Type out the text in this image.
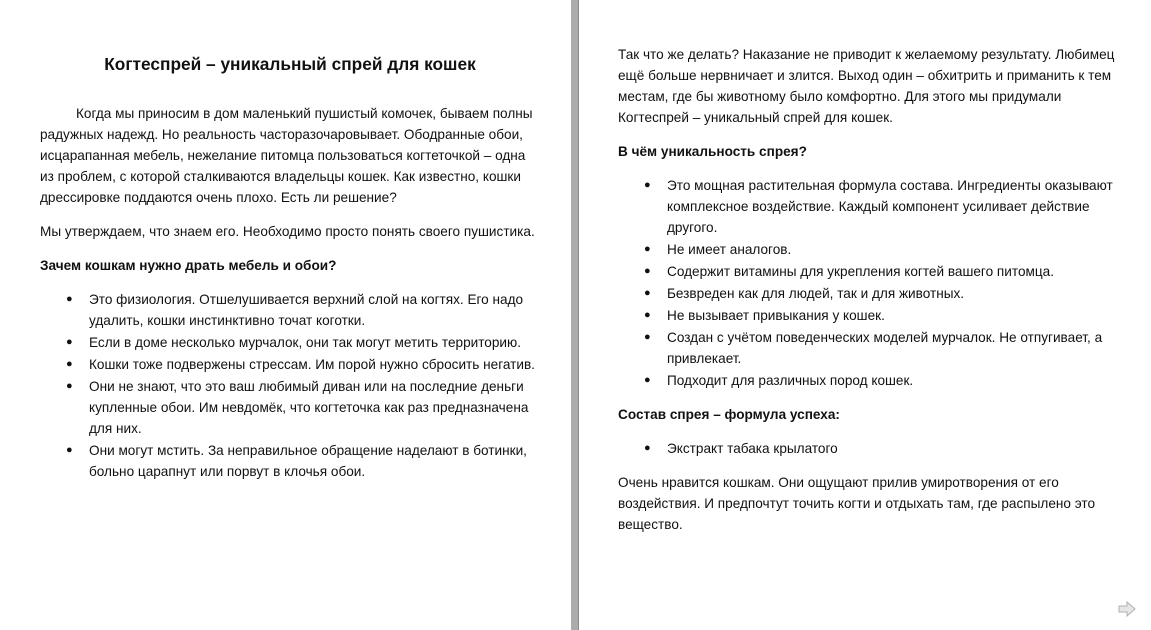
Когтеспрей – уникальный спрей для кошек

Когда мы приносим в дом маленький пушистый комочек, бываем полны радужных надежд. Но реальность часторазочаровывает. Ободранные обои, исцарапанная мебель, нежелание питомца пользоваться когтеточкой – одна из проблем, с которой сталкиваются владельцы кошек. Как известно, кошки дрессировке поддаются очень плохо. Есть ли решение?

Мы утверждаем, что знаем его. Необходимо просто понять своего пушистика.

Зачем кошкам нужно драть мебель и обои?

● Это физиология. Отшелушивается верхний слой на когтях. Его надо удалить, кошки инстинктивно точат коготки.
● Если в доме несколько мурчалок, они так могут метить территорию.
● Кошки тоже подвержены стрессам. Им порой нужно сбросить негатив.
● Они не знают, что это ваш любимый диван или на последние деньги купленные обои. Им невдомёк, что когтеточка как раз предназначена для них.
● Они могут мстить. За неправильное обращение наделают в ботинки, больно царапнут или порвут в клочья обои.

Так что же делать? Наказание не приводит к желаемому результату. Любимец ещё больше нервничает и злится. Выход один – обхитрить и приманить к тем местам, где бы животному было комфортно. Для этого мы придумали Когтеспрей – уникальный спрей для кошек.

В чём уникальность спрея?

● Это мощная растительная формула состава. Ингредиенты оказывают комплексное воздействие. Каждый компонент усиливает действие другого.
● Не имеет аналогов.
● Содержит витамины для укрепления когтей вашего питомца.
● Безвреден как для людей, так и для животных.
● Не вызывает привыкания у кошек.
● Создан с учётом поведенческих моделей мурчалок. Не отпугивает, а привлекает.
● Подходит для различных пород кошек.

Состав спрея – формула успеха:

● Экстракт табака крылатого

Очень нравится кошкам. Они ощущают прилив умиротворения от его воздействия. И предпочтут точить когти и отдыхать там, где распылено это вещество.
